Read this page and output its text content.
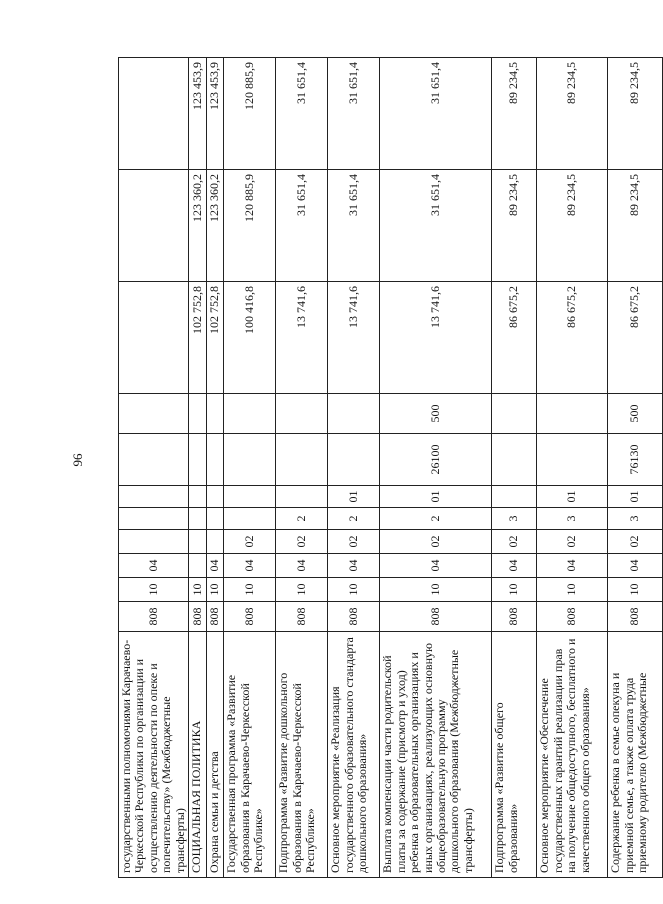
96
государственными полномочиями Карачаево-Черкесской Республики по организации и осуществлению деятельности по опеке и попечительству» (Межбюджетные трансферты)	808	10	04								
СОЦИАЛЬНАЯ ПОЛИТИКА	808	10							102 752,8	123 360,2	123 453,9
Охрана семьи и детства	808	10	04						102 752,8	123 360,2	123 453,9
Государственная программа «Развитие образования в Карачаево-Черкесской Республике»	808	10	04	02					100 416,8	120 885,9	120 885,9
Подпрограмма «Развитие дошкольного образования в Карачаево-Черкесской Республике»	808	10	04	02	2				13 741,6	31 651,4	31 651,4
Основное мероприятие «Реализация государственного образовательного стандарта дошкольного образования»	808	10	04	02	2	01			13 741,6	31 651,4	31 651,4
Выплата компенсации части родительской платы за содержание (присмотр и уход) ребенка в образовательных организациях и иных организациях, реализующих основную общеобразовательную программу дошкольного образования (Межбюджетные трансферты)	808	10	04	02	2	01	26100	500	13 741,6	31 651,4	31 651,4
Подпрограмма «Развитие общего образования»	808	10	04	02	3				86 675,2	89 234,5	89 234,5
Основное мероприятие «Обеспечение государственных гарантий реализации прав на получение общедоступного, бесплатного и качественного общего образования»	808	10	04	02	3	01			86 675,2	89 234,5	89 234,5
Содержание ребенка в семье опекуна и приемной семье, а также оплата труда приемному родителю (Межбюджетные	808	10	04	02	3	01	76130	500	86 675,2	89 234,5	89 234,5
